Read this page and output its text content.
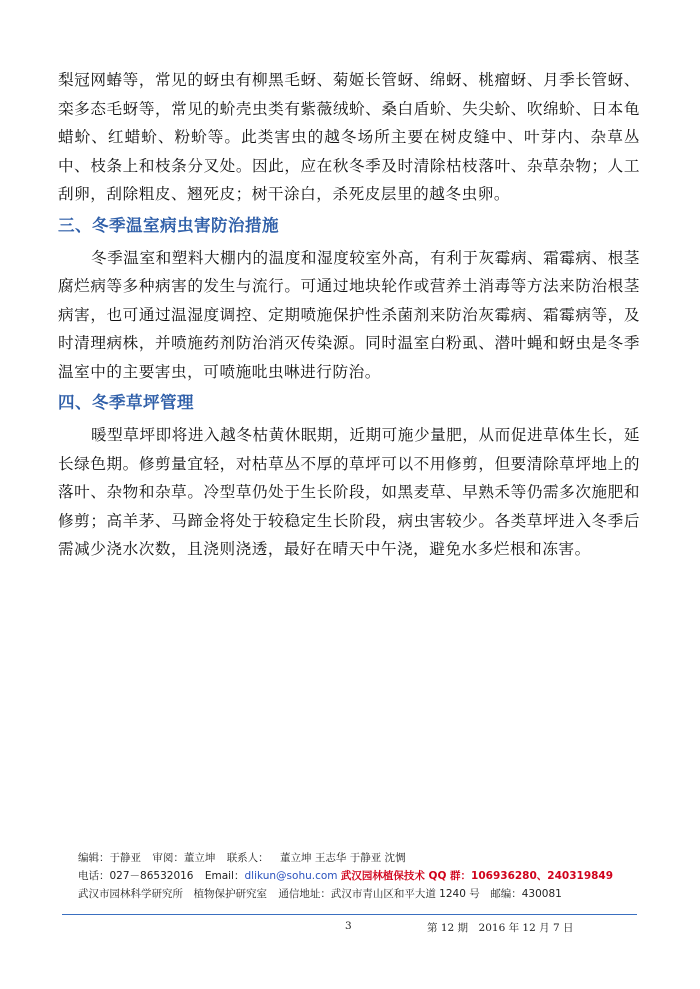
梨冠网蝽等，常见的蚜虫有柳黑毛蚜、菊姬长管蚜、绵蚜、桃瘤蚜、月季长管蚜、栾多态毛蚜等，常见的蚧壳虫类有紫薇绒蚧、桑白盾蚧、失尖蚧、吹绵蚧、日本龟蜡蚧、红蜡蚧、粉蚧等。此类害虫的越冬场所主要在树皮缝中、叶芽内、杂草丛中、枝条上和枝条分叉处。因此，应在秋冬季及时清除枯枝落叶、杂草杂物；人工刮卵，刮除粗皮、翘死皮；树干涂白，杀死皮层里的越冬虫卵。

三、冬季温室病虫害防治措施

冬季温室和塑料大棚内的温度和湿度较室外高，有利于灰霉病、霜霉病、根茎腐烂病等多种病害的发生与流行。可通过地块轮作或营养土消毒等方法来防治根茎病害，也可通过温湿度调控、定期喷施保护性杀菌剂来防治灰霉病、霜霉病等，及时清理病株，并喷施药剂防治消灭传染源。同时温室白粉虱、潜叶蝇和蚜虫是冬季温室中的主要害虫，可喷施吡虫啉进行防治。

四、冬季草坪管理

暖型草坪即将进入越冬枯黄休眠期，近期可施少量肥，从而促进草体生长，延长绿色期。修剪量宜轻，对枯草丛不厚的草坪可以不用修剪，但要清除草坪地上的落叶、杂物和杂草。冷型草仍处于生长阶段，如黑麦草、早熟禾等仍需多次施肥和修剪；高羊茅、马蹄金将处于较稳定生长阶段，病虫害较少。各类草坪进入冬季后需减少浇水次数，且浇则浇透，最好在晴天中午浇，避免水多烂根和冻害。

编辑：于静亚 审阅：董立坤 联系人： 董立坤 王志华 于静亚 沈惆
电话：027－86532016 Email：dlikun@sohu.com 武汉园林植保技术 QQ 群：106936280、240319849
武汉市园林科学研究所　植物保护研究室 通信地址：武汉市青山区和平大道 1240 号　邮编：430081
3	第 12 期　2016 年 12 月 7 日
